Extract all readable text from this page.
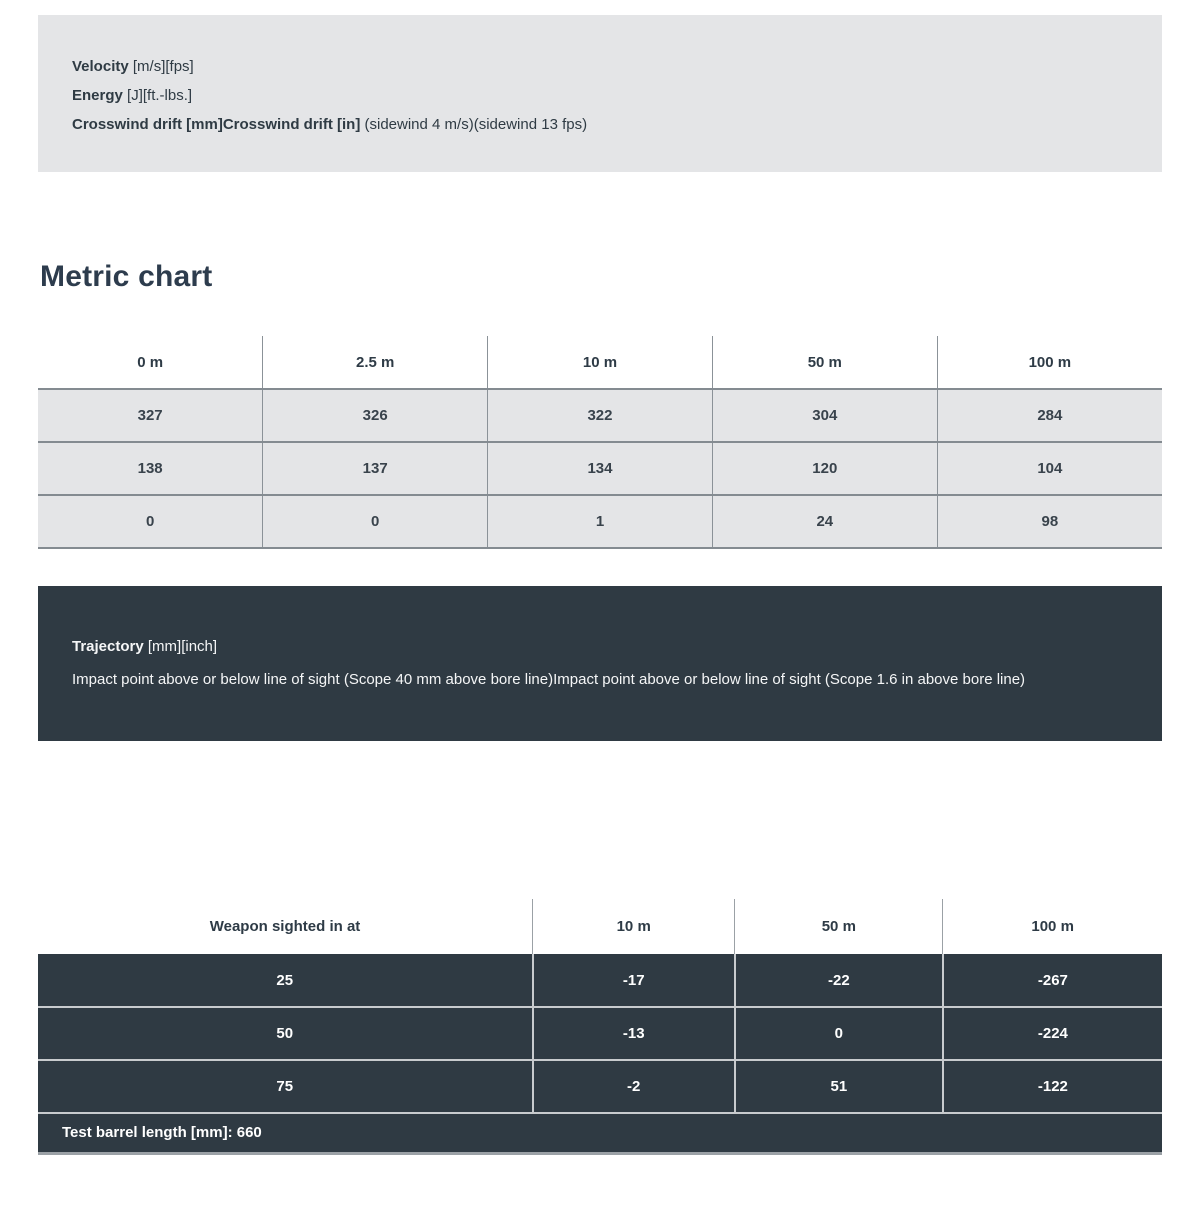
Velocity [m/s][fps]

Energy [J][ft.-lbs.]

Crosswind drift [mm]Crosswind drift [in] (sidewind 4 m/s)(sidewind 13 fps)

Metric chart
0 m	2.5 m	10 m	50 m	100 m
327	326	322	304	284
138	137	134	120	104
0	0	1	24	98

Trajectory [mm][inch]

Impact point above or below line of sight (Scope 40 mm above bore line)Impact point above or below line of sight (Scope 1.6 in above bore line)

Weapon sighted in at	10 m	50 m	100 m
25	-17	-22	-267
50	-13	0	-224
75	-2	51	-122
Test barrel length [mm]: 660			
